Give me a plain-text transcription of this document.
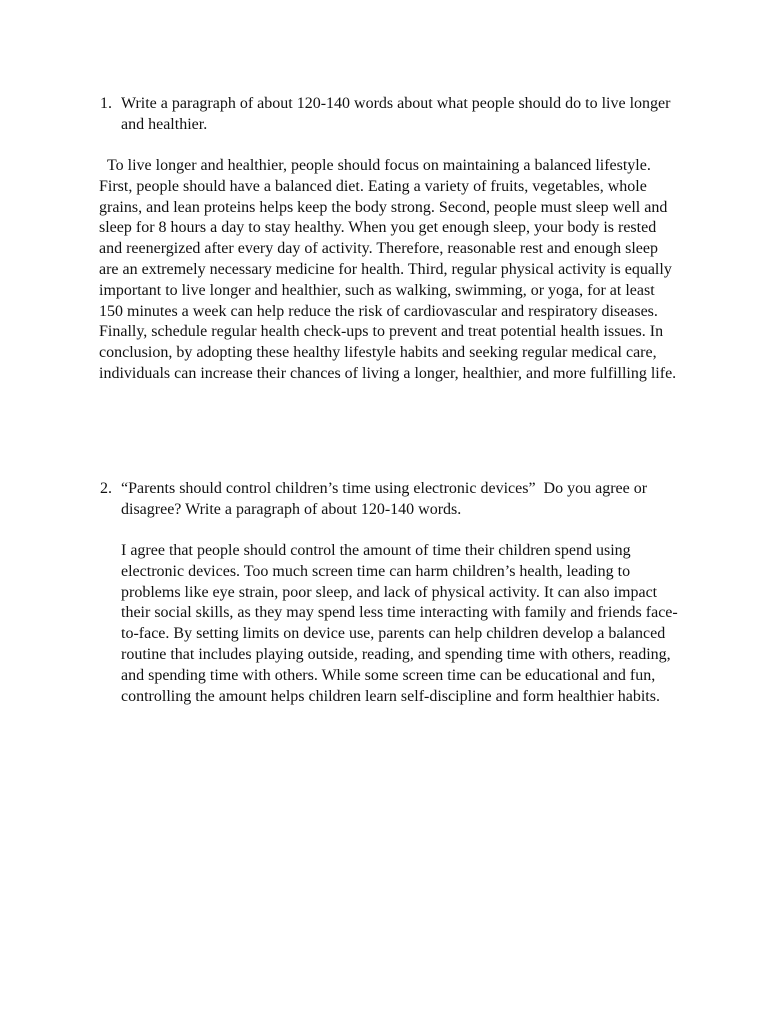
1. Write a paragraph of about 120-140 words about what people should do to live longer and healthier.

To live longer and healthier, people should focus on maintaining a balanced lifestyle. First, people should have a balanced diet. Eating a variety of fruits, vegetables, whole grains, and lean proteins helps keep the body strong. Second, people must sleep well and sleep for 8 hours a day to stay healthy. When you get enough sleep, your body is rested and reenergized after every day of activity. Therefore, reasonable rest and enough sleep are an extremely necessary medicine for health. Third, regular physical activity is equally important to live longer and healthier, such as walking, swimming, or yoga, for at least 150 minutes a week can help reduce the risk of cardiovascular and respiratory diseases. Finally, schedule regular health check-ups to prevent and treat potential health issues. In conclusion, by adopting these healthy lifestyle habits and seeking regular medical care, individuals can increase their chances of living a longer, healthier, and more fulfilling life.

2. “Parents should control children’s time using electronic devices”  Do you agree or disagree? Write a paragraph of about 120-140 words.

I agree that people should control the amount of time their children spend using electronic devices. Too much screen time can harm children’s health, leading to problems like eye strain, poor sleep, and lack of physical activity. It can also impact their social skills, as they may spend less time interacting with family and friends face-to-face. By setting limits on device use, parents can help children develop a balanced routine that includes playing outside, reading, and spending time with others, reading, and spending time with others. While some screen time can be educational and fun, controlling the amount helps children learn self-discipline and form healthier habits.
